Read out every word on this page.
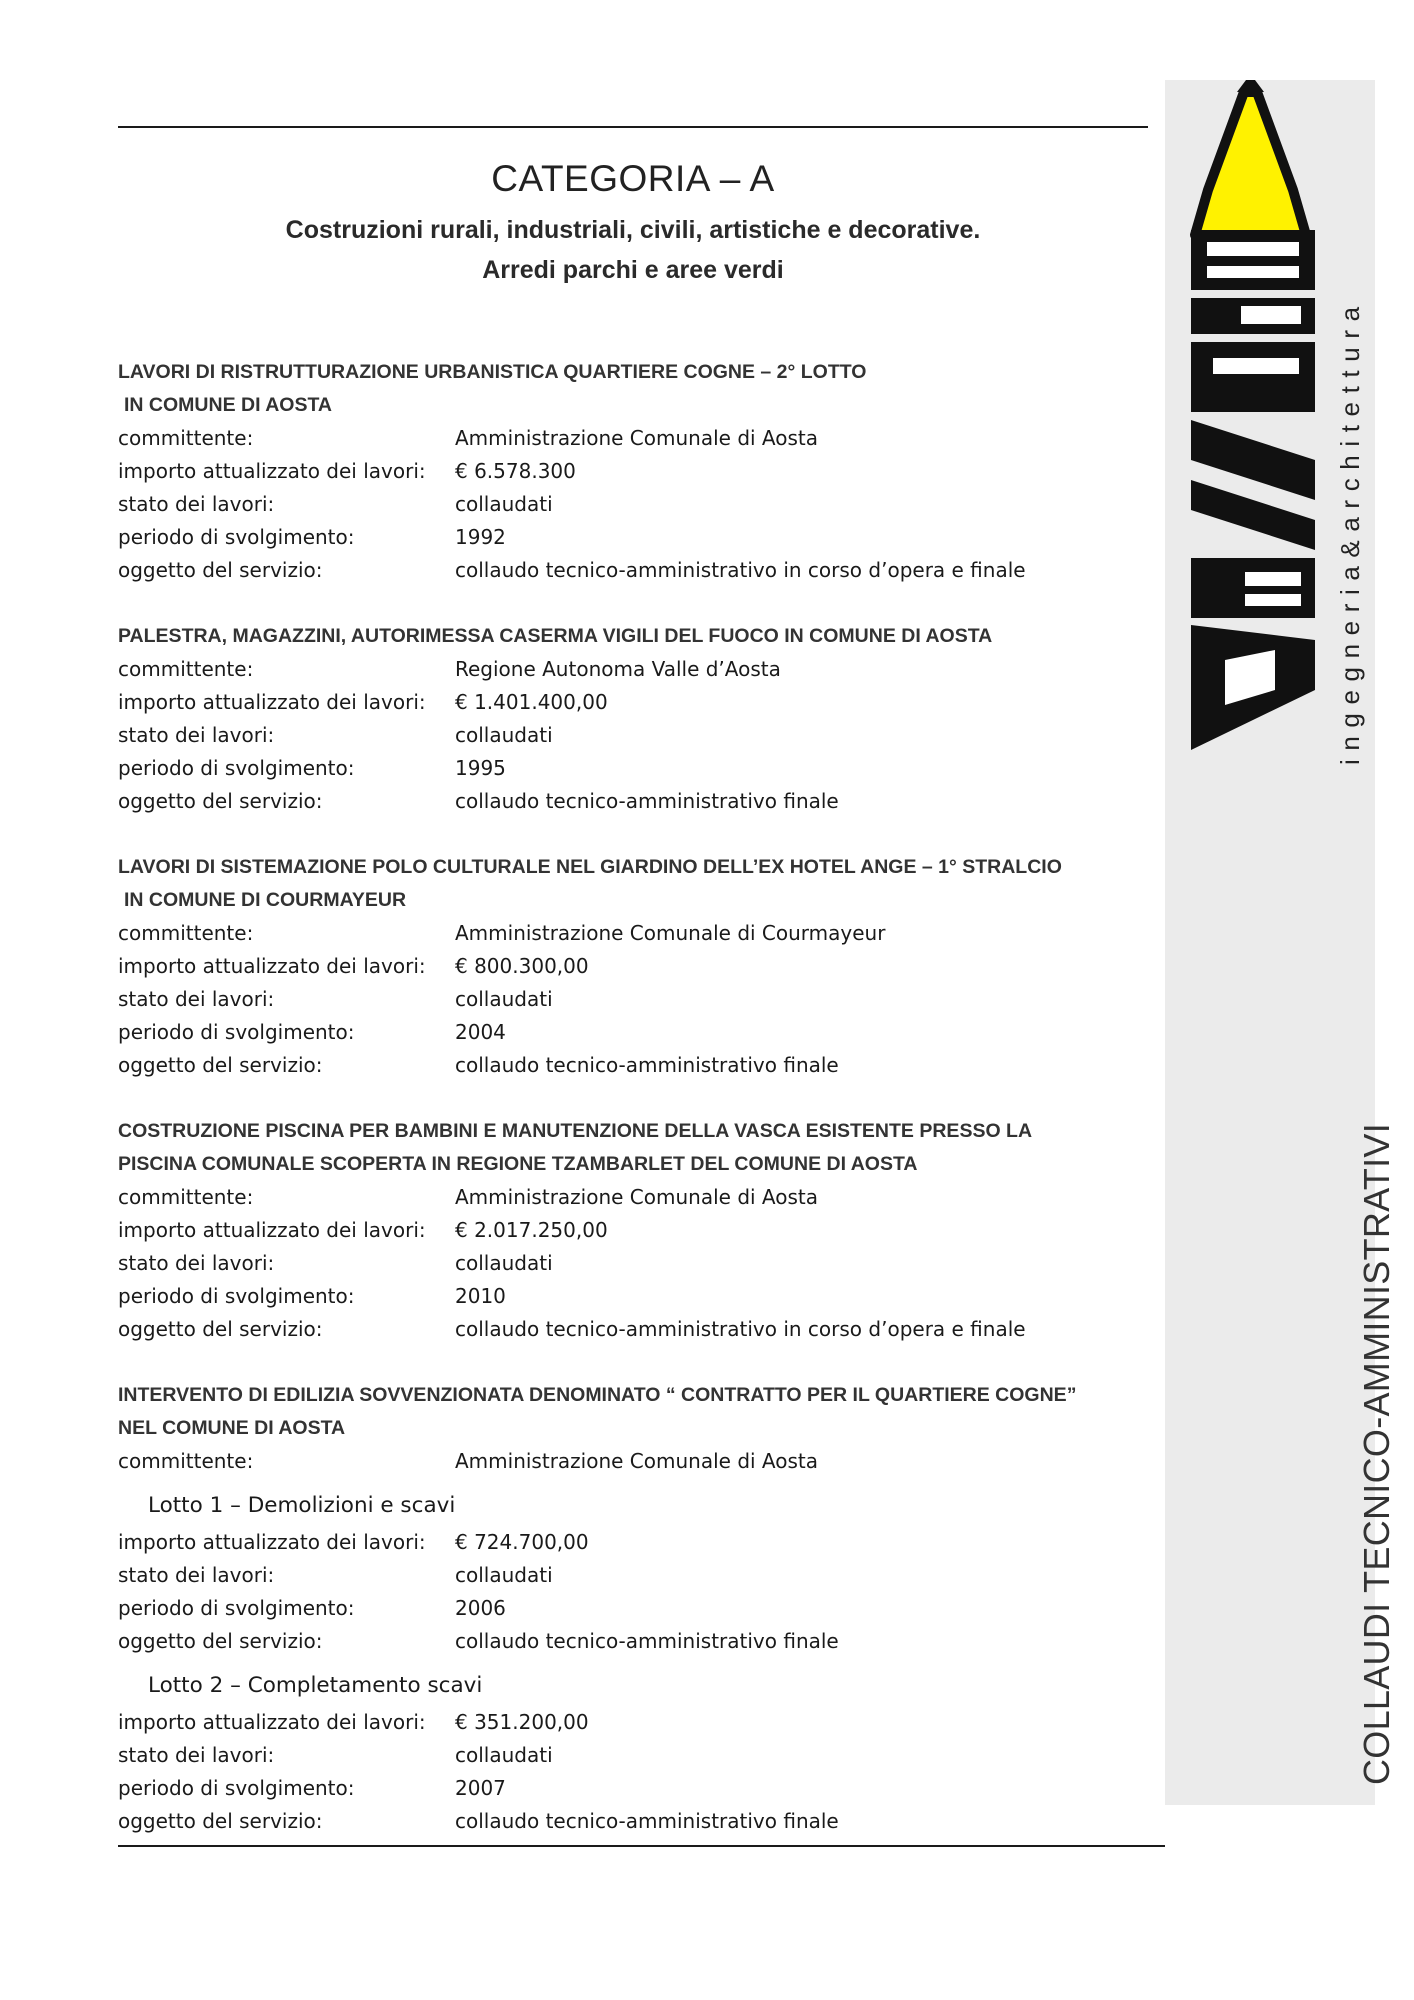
CATEGORIA – A
Costruzioni rurali, industriali, civili, artistiche e decorative.
Arredi parchi e aree verdi
LAVORI DI RISTRUTTURAZIONE URBANISTICA QUARTIERE COGNE – 2° LOTTO
IN COMUNE DI AOSTA
committente:	Amministrazione Comunale di Aosta
importo attualizzato dei lavori:	€ 6.578.300
stato dei lavori:	collaudati
periodo di svolgimento:	1992
oggetto del servizio:	collaudo tecnico-amministrativo in corso d’opera e finale
PALESTRA, MAGAZZINI, AUTORIMESSA CASERMA VIGILI DEL FUOCO IN COMUNE DI AOSTA
committente:	Regione Autonoma Valle d’Aosta
importo attualizzato dei lavori:	€ 1.401.400,00
stato dei lavori:	collaudati
periodo di svolgimento:	1995
oggetto del servizio:	collaudo tecnico-amministrativo finale
LAVORI DI SISTEMAZIONE POLO CULTURALE NEL GIARDINO DELL’EX HOTEL ANGE – 1° STRALCIO
IN COMUNE DI COURMAYEUR
committente:	Amministrazione Comunale di Courmayeur
importo attualizzato dei lavori:	€ 800.300,00
stato dei lavori:	collaudati
periodo di svolgimento:	2004
oggetto del servizio:	collaudo tecnico-amministrativo finale
COSTRUZIONE PISCINA PER BAMBINI E MANUTENZIONE DELLA VASCA ESISTENTE PRESSO LA
PISCINA COMUNALE SCOPERTA IN REGIONE TZAMBARLET DEL COMUNE DI AOSTA
committente:	Amministrazione Comunale di Aosta
importo attualizzato dei lavori:	€ 2.017.250,00
stato dei lavori:	collaudati
periodo di svolgimento:	2010
oggetto del servizio:	collaudo tecnico-amministrativo in corso d’opera e finale
INTERVENTO DI EDILIZIA SOVVENZIONATA DENOMINATO “ CONTRATTO PER IL QUARTIERE COGNE”
NEL COMUNE DI AOSTA
committente:	Amministrazione Comunale di Aosta
Lotto 1 – Demolizioni e scavi
importo attualizzato dei lavori:	€ 724.700,00
stato dei lavori:	collaudati
periodo di svolgimento:	2006
oggetto del servizio:	collaudo tecnico-amministrativo finale
Lotto 2 – Completamento scavi
importo attualizzato dei lavori:	€ 351.200,00
stato dei lavori:	collaudati
periodo di svolgimento:	2007
oggetto del servizio:	collaudo tecnico-amministrativo finale
ingegneria&architettura
COLLAUDI TECNICO-AMMINISTRATIVI
